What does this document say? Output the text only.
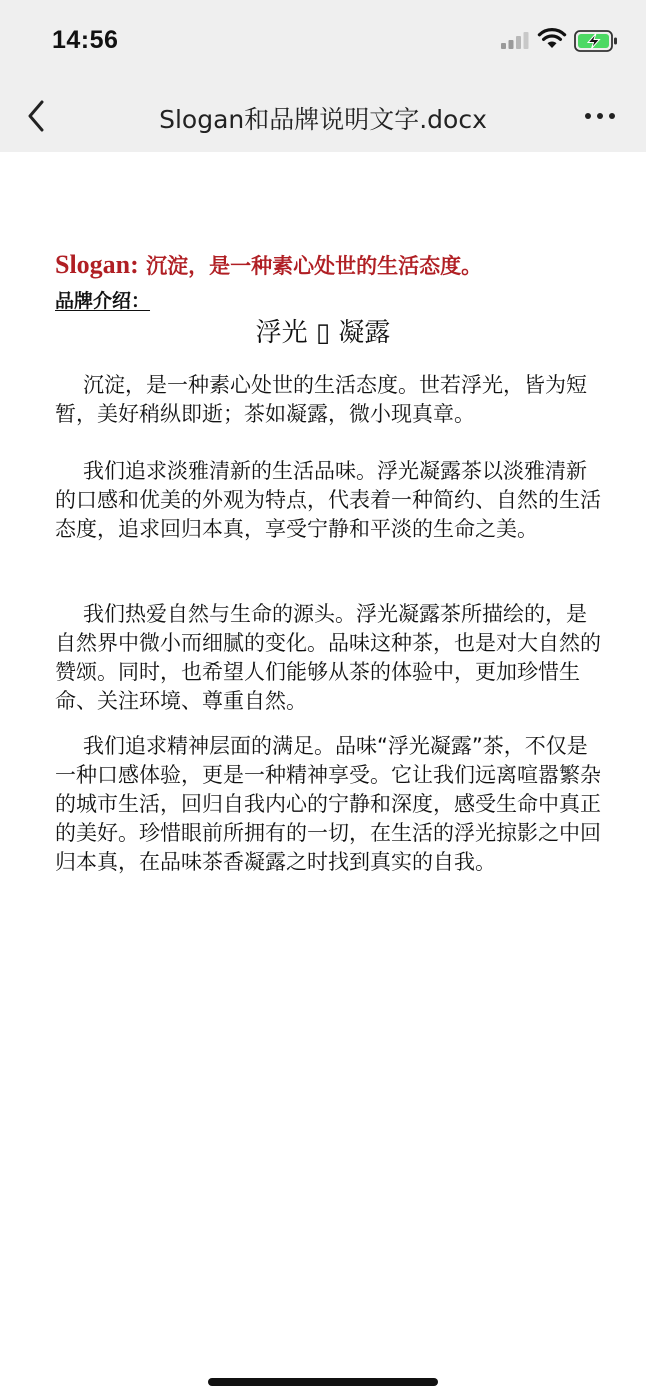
14:56
Slogan和品牌说明文字.docx
Slogan: 沉淀，是一种素心处世的生活态度。
品牌介绍：
浮光 ▯ 凝露

沉淀，是一种素心处世的生活态度。世若浮光，皆为短暂，美好稍纵即逝；茶如凝露，微小现真章。

我们追求淡雅清新的生活品味。浮光凝露茶以淡雅清新的口感和优美的外观为特点，代表着一种简约、自然的生活态度，追求回归本真，享受宁静和平淡的生命之美。

我们热爱自然与生命的源头。浮光凝露茶所描绘的，是自然界中微小而细腻的变化。品味这种茶，也是对大自然的赞颂。同时，也希望人们能够从茶的体验中，更加珍惜生命、关注环境、尊重自然。

我们追求精神层面的满足。品味“浮光凝露”茶，不仅是一种口感体验，更是一种精神享受。它让我们远离喧嚣繁杂的城市生活，回归自我内心的宁静和深度，感受生命中真正的美好。珍惜眼前所拥有的一切，在生活的浮光掠影之中回归本真，在品味茶香凝露之时找到真实的自我。
